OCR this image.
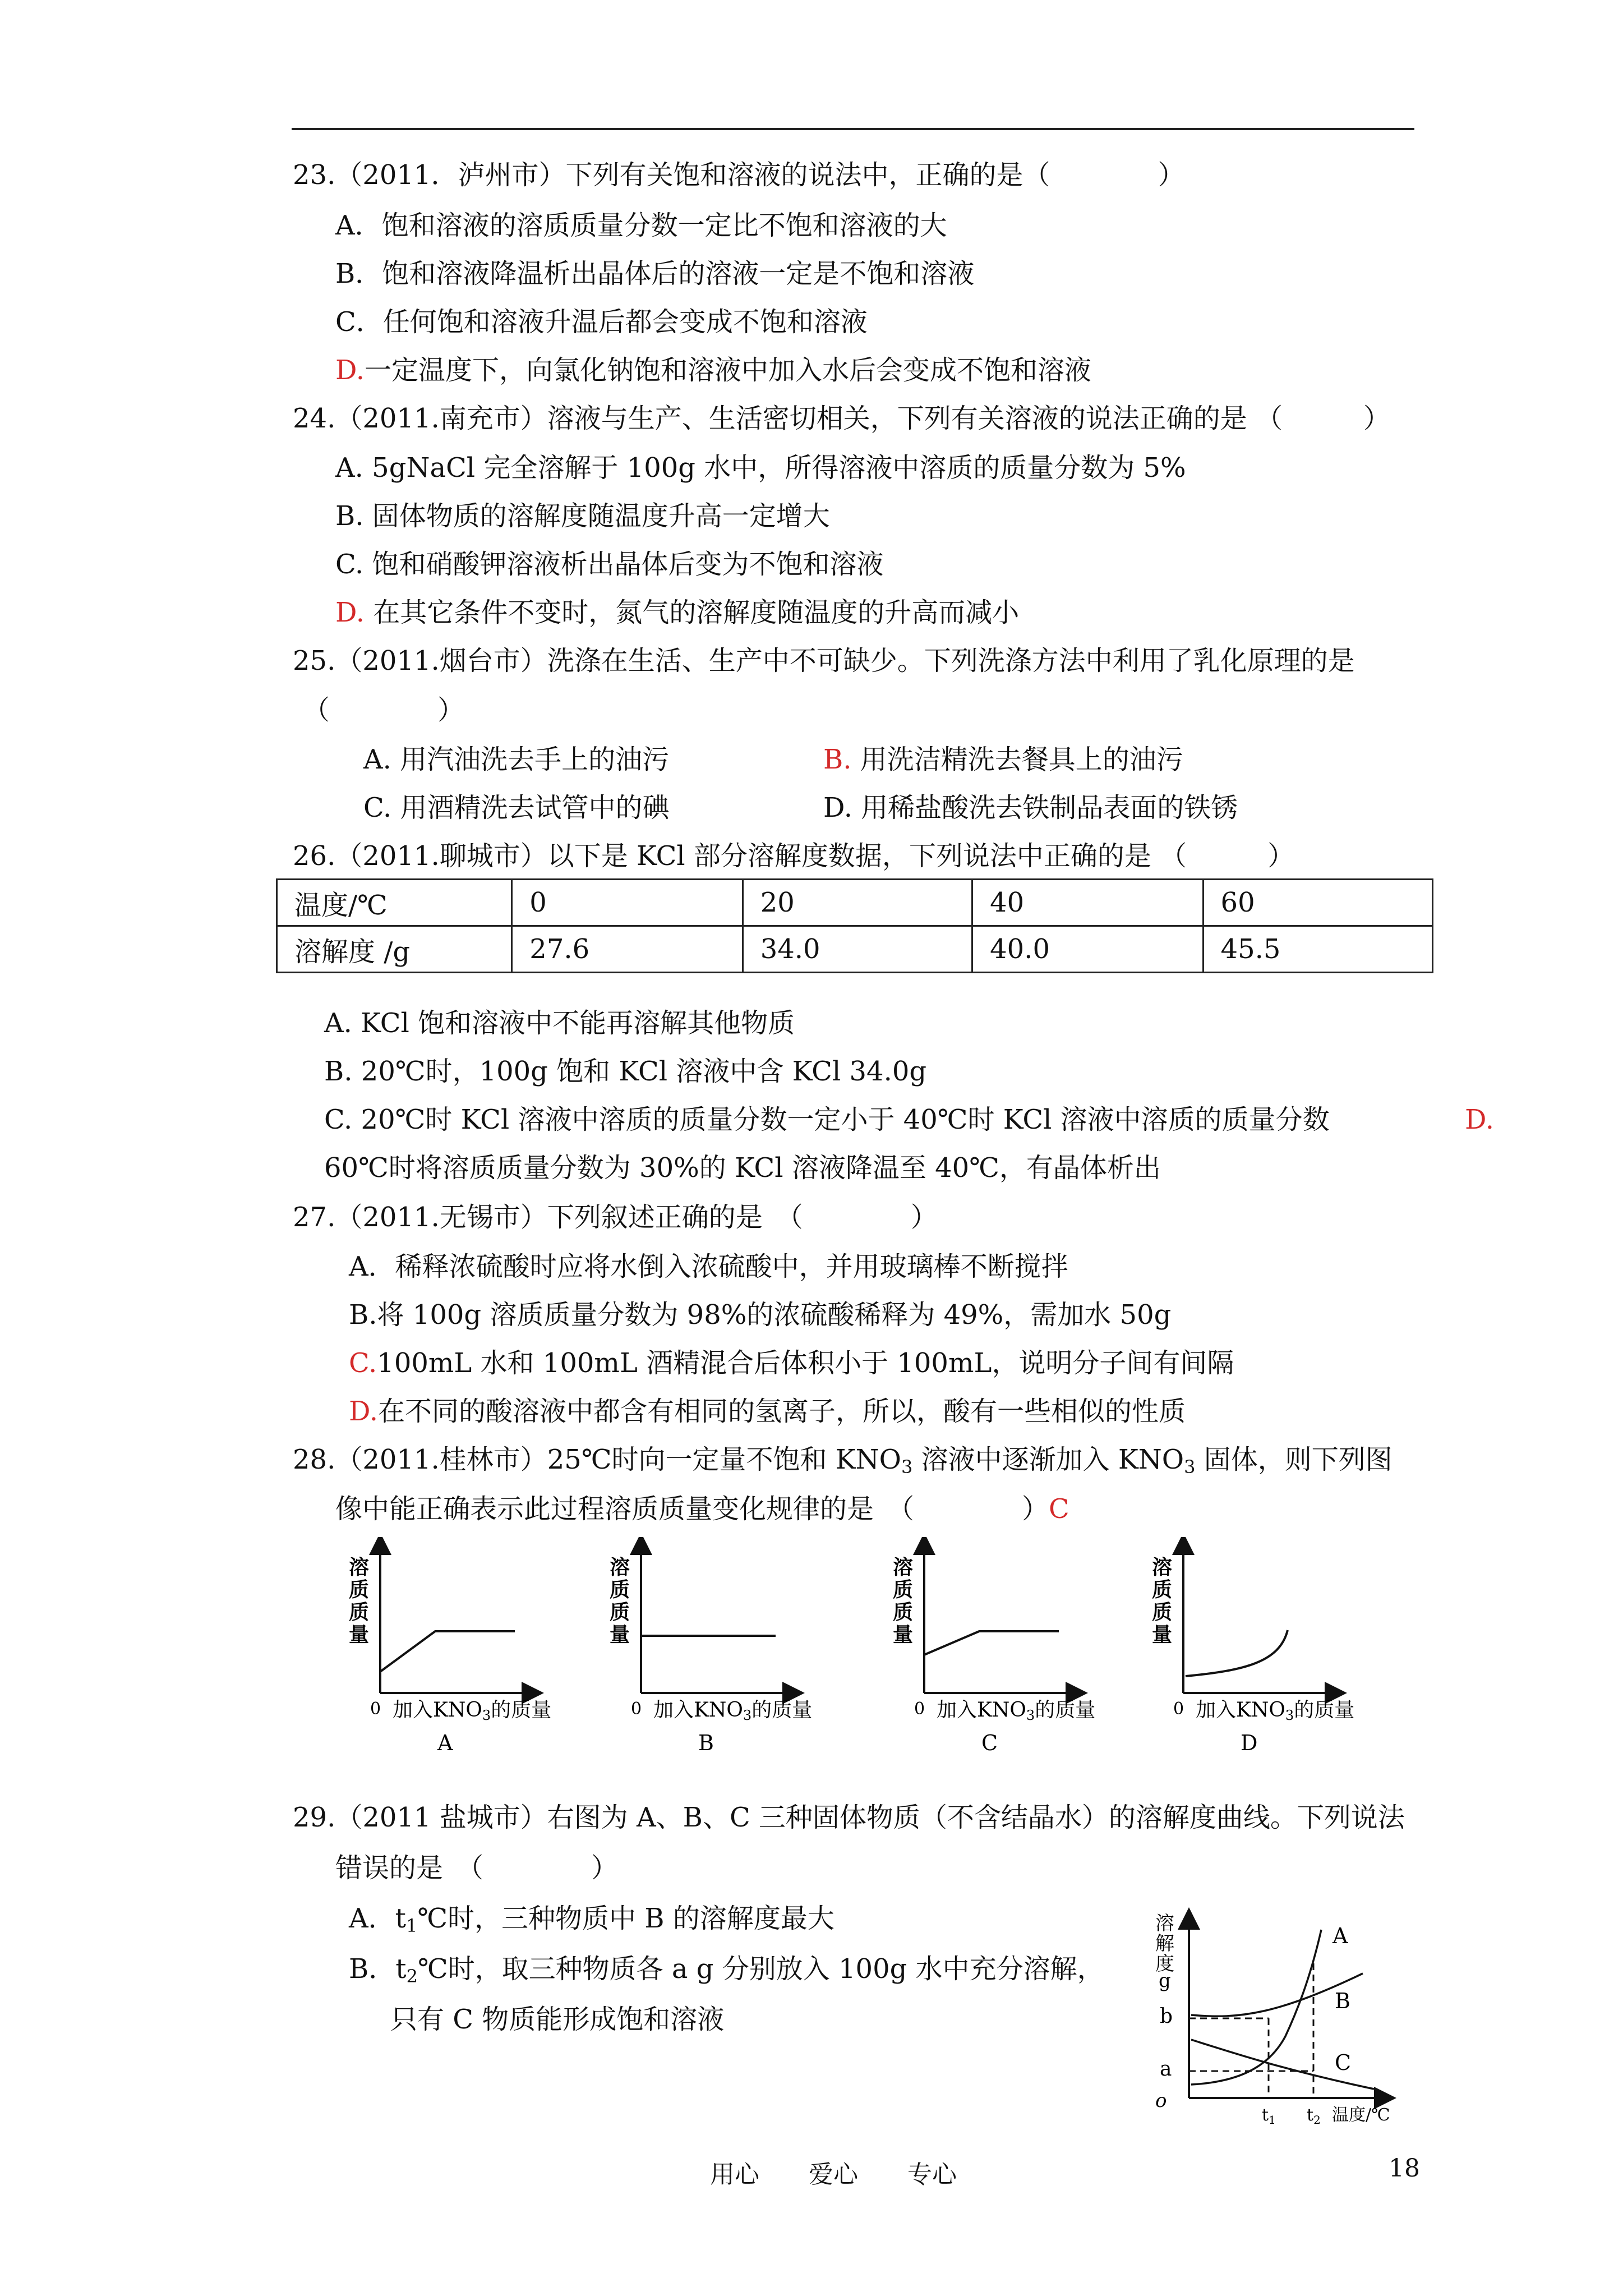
23.（2011．泸州市）下列有关饱和溶液的说法中，正确的是（　　　　）
A．饱和溶液的溶质质量分数一定比不饱和溶液的大
B．饱和溶液降温析出晶体后的溶液一定是不饱和溶液
C．任何饱和溶液升温后都会变成不饱和溶液
D.一定温度下，向氯化钠饱和溶液中加入水后会变成不饱和溶液
24.（2011.南充市）溶液与生产、生活密切相关，下列有关溶液的说法正确的是 （　　　）
A. 5gNaCl 完全溶解于 100g 水中，所得溶液中溶质的质量分数为 5%
B. 固体物质的溶解度随温度升高一定增大
C. 饱和硝酸钾溶液析出晶体后变为不饱和溶液
D. 在其它条件不变时，氮气的溶解度随温度的升高而减小
25.（2011.烟台市）洗涤在生活、生产中不可缺少。下列洗涤方法中利用了乳化原理的是
（　　　　）
A. 用汽油洗去手上的油污	B. 用洗洁精洗去餐具上的油污
C. 用酒精洗去试管中的碘	D. 用稀盐酸洗去铁制品表面的铁锈
26.（2011.聊城市）以下是 KCl 部分溶解度数据，下列说法中正确的是 （　　　）
温度/℃	0	20	40	60
溶解度 /g	27.6	34.0	40.0	45.5
A. KCl 饱和溶液中不能再溶解其他物质
B. 20℃时，100g 饱和 KCl 溶液中含 KCl 34.0g
C. 20℃时 KCl 溶液中溶质的质量分数一定小于 40℃时 KCl 溶液中溶质的质量分数	D.
60℃时将溶质质量分数为 30%的 KCl 溶液降温至 40℃，有晶体析出
27.（2011.无锡市）下列叙述正确的是　（　　　　）
A．稀释浓硫酸时应将水倒入浓硫酸中，并用玻璃棒不断搅拌
B.将 100g 溶质质量分数为 98%的浓硫酸稀释为 49%，需加水 50g
C.100mL 水和 100mL 酒精混合后体积小于 100mL，说明分子间有间隔
D.在不同的酸溶液中都含有相同的氢离子，所以，酸有一些相似的性质
28.（2011.桂林市）25℃时向一定量不饱和 $KNO_3$ 溶液中逐渐加入 $KNO_3$ 固体，则下列图
像中能正确表示此过程溶质质量变化规律的是　（　　　　）C
溶
质
质
量
0 加入KNO3的质量
A
溶
质
质
量
0 加入KNO3的质量
B
溶
质
质
量
0 加入KNO3的质量
C
溶
质
质
量
0 加入KNO3的质量
D
29.（2011 盐城市）右图为 A、B、C 三种固体物质（不含结晶水）的溶解度曲线。下列说法
错误的是　（　　　　）
A．$t_1℃$时，三种物质中 B 的溶解度最大
B．$t_2℃$时，取三种物质各 a g 分别放入 100g 水中充分溶解，
只有 C 物质能形成饱和溶液
溶
解
度
g
b
a
o
$t_1$ $t_2$ 温度/℃
A
B
C
用心　　爱心　　专心	18
